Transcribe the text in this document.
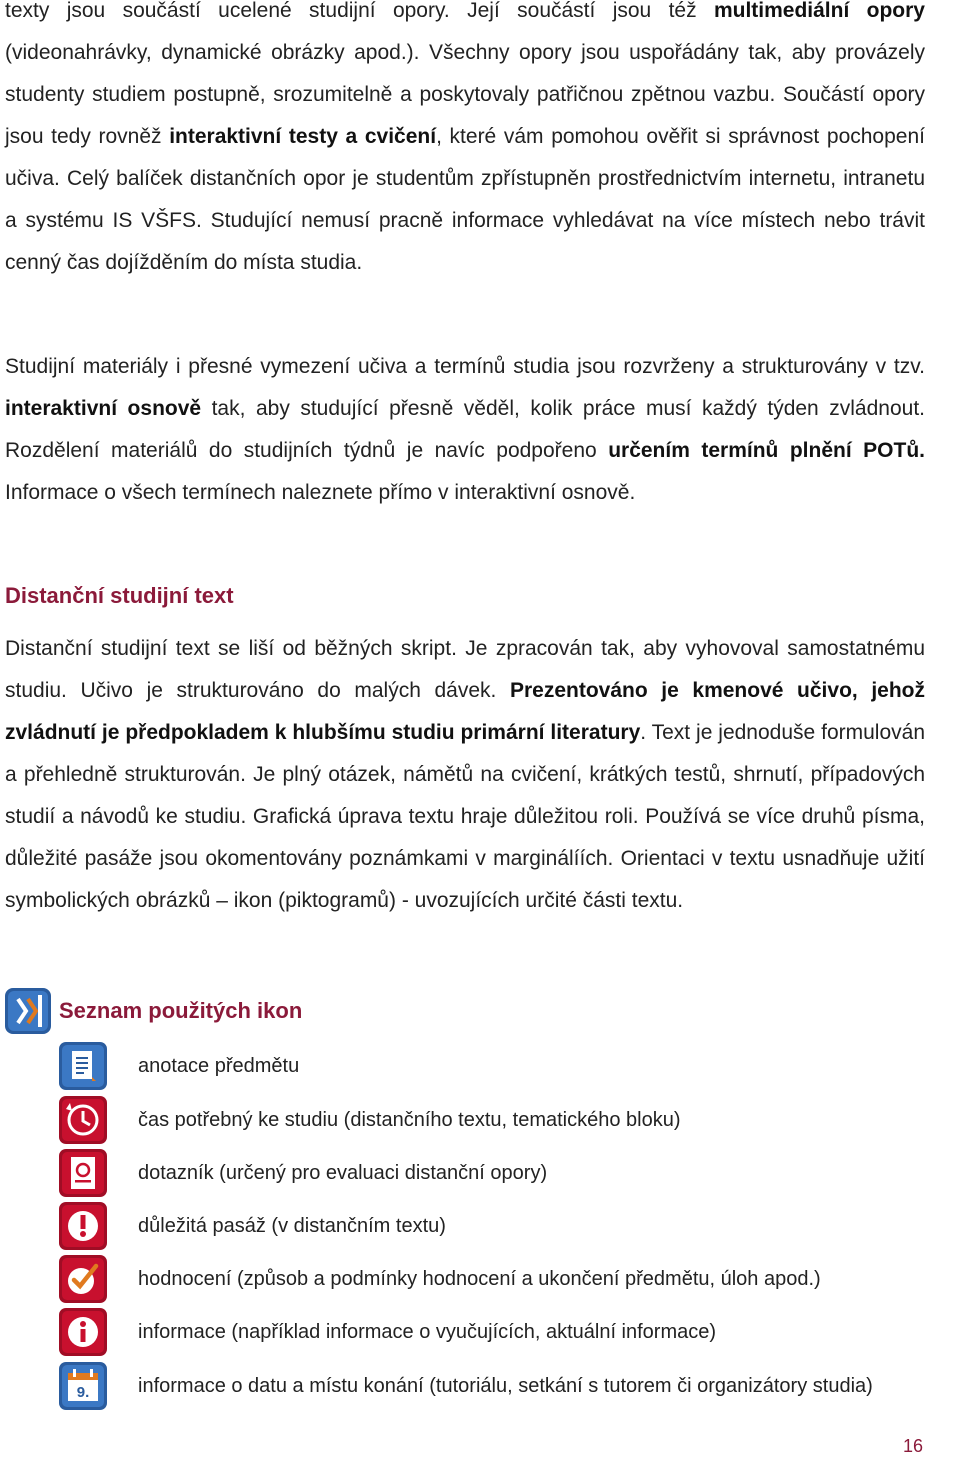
texty jsou součástí ucelené studijní opory. Její součástí jsou též multimediální opory (videonahrávky, dynamické obrázky apod.). Všechny opory jsou uspořádány tak, aby provázely studenty studiem postupně, srozumitelně a poskytovaly patřičnou zpětnou vazbu. Součástí opory jsou tedy rovněž interaktivní testy a cvičení, které vám pomohou ověřit si správnost pochopení učiva. Celý balíček distančních opor je studentům zpřístupněn prostřednictvím internetu, intranetu a systému IS VŠFS. Studující nemusí pracně informace vyhledávat na více místech nebo trávit cenný čas dojížděním do místa studia.

Studijní materiály i přesné vymezení učiva a termínů studia jsou rozvrženy a strukturovány v tzv. interaktivní osnově tak, aby studující přesně věděl, kolik práce musí každý týden zvládnout. Rozdělení materiálů do studijních týdnů je navíc podpořeno určením termínů plnění POTů. Informace o všech termínech naleznete přímo v interaktivní osnově.

Distanční studijní text

Distanční studijní text se liší od běžných skript. Je zpracován tak, aby vyhovoval samostatnému studiu. Učivo je strukturováno do malých dávek. Prezentováno je kmenové učivo, jehož zvládnutí je předpokladem k hlubšímu studiu primární literatury. Text je jednoduše formulován a přehledně strukturován. Je plný otázek, námětů na cvičení, krátkých testů, shrnutí, případových studií a návodů ke studiu. Grafická úprava textu hraje důležitou roli. Používá se více druhů písma, důležité pasáže jsou okomentovány poznámkami v marginálíích. Orientaci v textu usnadňuje užití symbolických obrázků – ikon (piktogramů) - uvozujících určité části textu.

Seznam použitých ikon
anotace předmětu
čas potřebný ke studiu (distančního textu, tematického bloku)
dotazník (určený pro evaluaci distanční opory)
důležitá pasáž (v distančním textu)
hodnocení (způsob a podmínky hodnocení a ukončení předmětu, úloh apod.)
informace (například informace o vyučujících, aktuální informace)
9. informace o datu a místu konání (tutoriálu, setkání s tutorem či organizátory studia)
16
